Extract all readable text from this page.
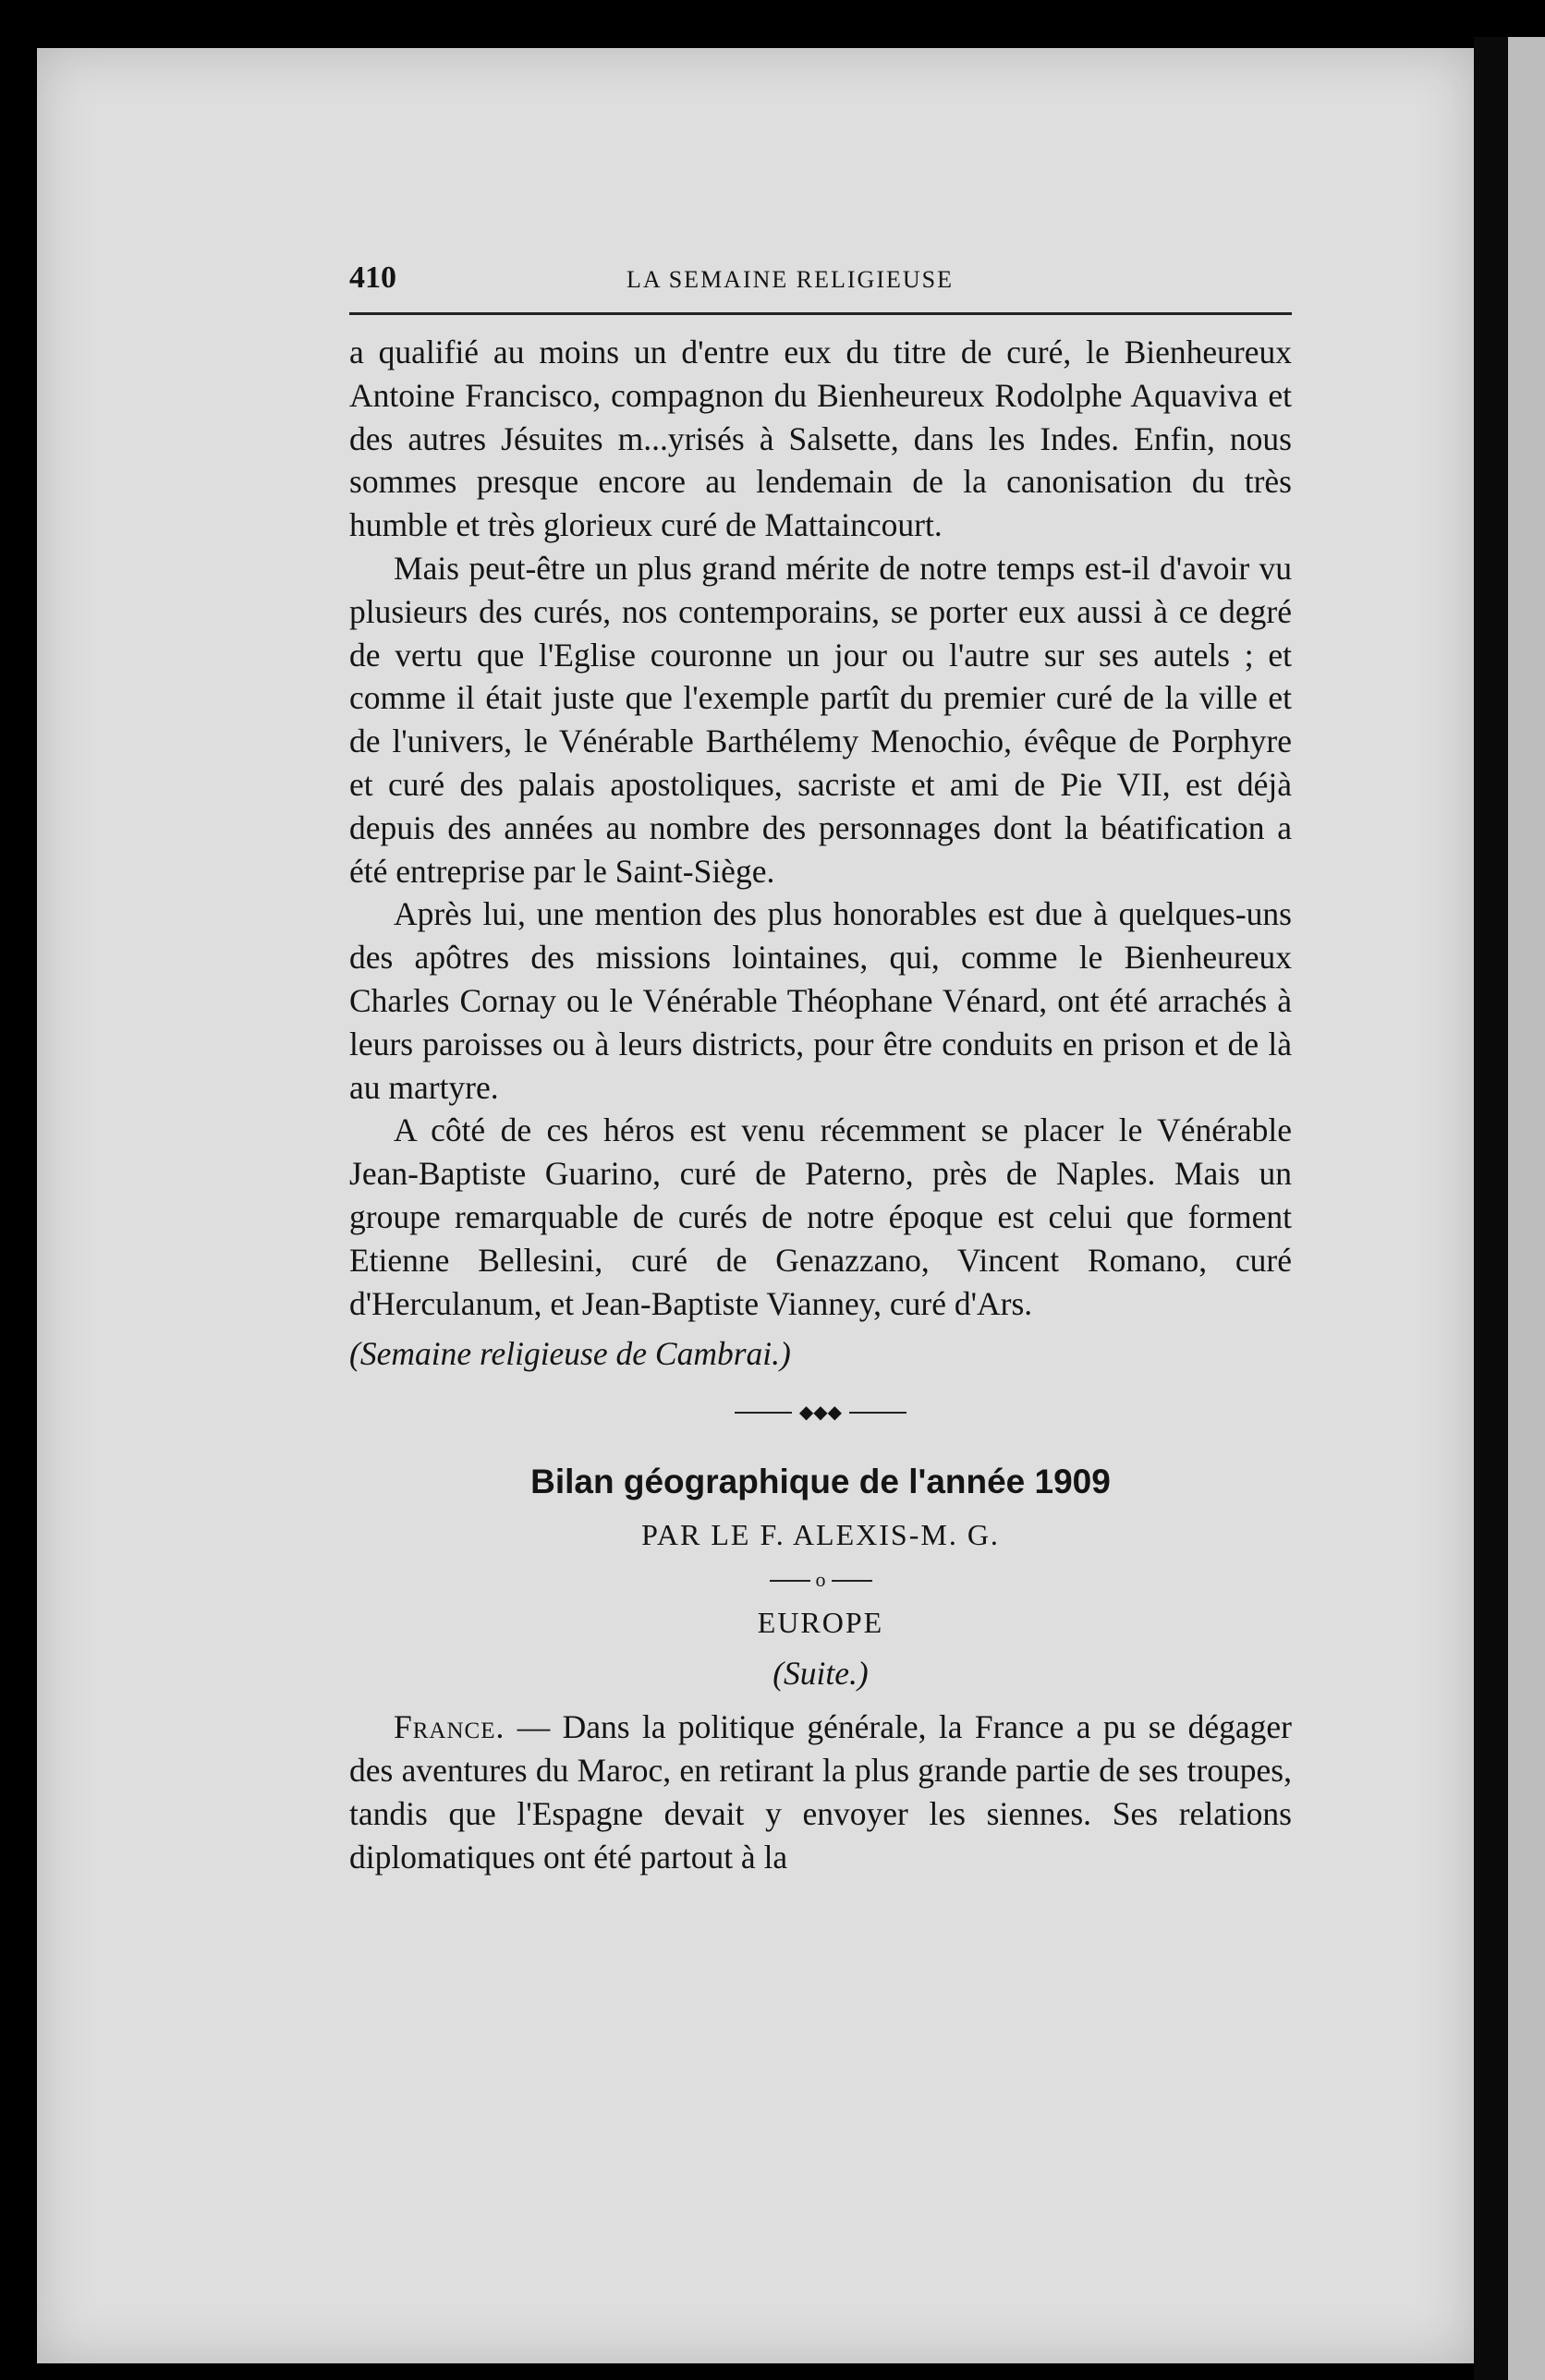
410	LA SEMAINE RELIGIEUSE

a qualifié au moins un d'entre eux du titre de curé, le Bienheureux Antoine Francisco, compagnon du Bienheureux Rodolphe Aquaviva et des autres Jésuites m...yrisés à Salsette, dans les Indes. Enfin, nous sommes presque encore au lendemain de la canonisation du très humble et très glorieux curé de Mattaincourt.

Mais peut-être un plus grand mérite de notre temps est-il d'avoir vu plusieurs des curés, nos contemporains, se porter eux aussi à ce degré de vertu que l'Eglise couronne un jour ou l'autre sur ses autels ; et comme il était juste que l'exemple partît du premier curé de la ville et de l'univers, le Vénérable Barthélemy Menochio, évêque de Porphyre et curé des palais apostoliques, sacriste et ami de Pie VII, est déjà depuis des années au nombre des personnages dont la béatification a été entreprise par le Saint-Siège.

Après lui, une mention des plus honorables est due à quelques-uns des apôtres des missions lointaines, qui, comme le Bienheureux Charles Cornay ou le Vénérable Théophane Vénard, ont été arrachés à leurs paroisses ou à leurs districts, pour être conduits en prison et de là au martyre.

A côté de ces héros est venu récemment se placer le Vénérable Jean-Baptiste Guarino, curé de Paterno, près de Naples. Mais un groupe remarquable de curés de notre époque est celui que forment Etienne Bellesini, curé de Genazzano, Vincent Romano, curé d'Herculanum, et Jean-Baptiste Vianney, curé d'Ars.

(Semaine religieuse de Cambrai.)

◆◆◆

Bilan géographique de l'année 1909

PAR LE F. ALEXIS-M. G.

o

EUROPE

(Suite.)

France. — Dans la politique générale, la France a pu se dégager des aventures du Maroc, en retirant la plus grande partie de ses troupes, tandis que l'Espagne devait y envoyer les siennes. Ses relations diplomatiques ont été partout à la
